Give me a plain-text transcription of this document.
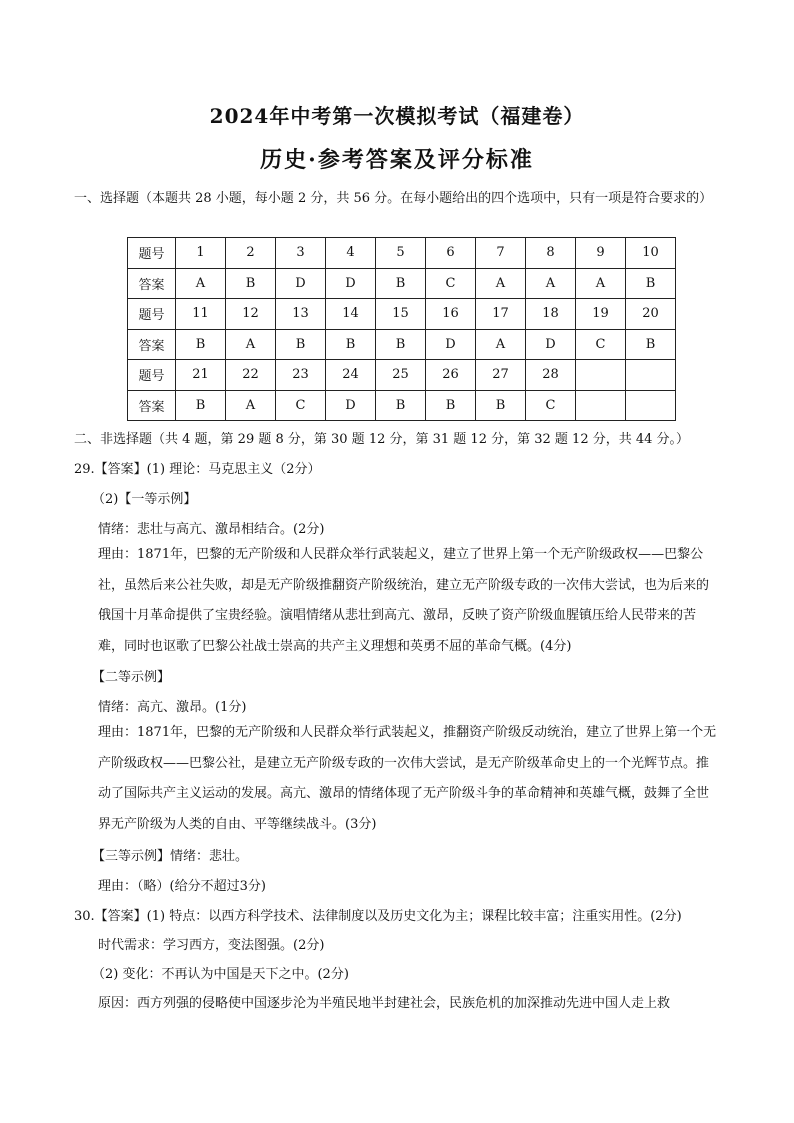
2024年中考第一次模拟考试（福建卷）
历史·参考答案及评分标准
一、选择题（本题共 28 小题，每小题 2 分，共 56 分。在每小题给出的四个选项中，只有一项是符合要求的）
题号	1	2	3	4	5	6	7	8	9	10
答案	A	B	D	D	B	C	A	A	A	B
题号	11	12	13	14	15	16	17	18	19	20
答案	B	A	B	B	B	D	A	D	C	B
题号	21	22	23	24	25	26	27	28		
答案	B	A	C	D	B	B	B	C		
二、非选择题（共 4 题，第 29 题 8 分，第 30 题 12 分，第 31 题 12 分，第 32 题 12 分，共 44 分。）
29.【答案】(1) 理论：马克思主义（2分）
（2)【一等示例】
情绪：悲壮与高亢、激昂相结合。(2分)
理由：1871年，巴黎的无产阶级和人民群众举行武装起义，建立了世界上第一个无产阶级政权——巴黎公社，虽然后来公社失败，却是无产阶级推翻资产阶级统治，建立无产阶级专政的一次伟大尝试，也为后来的俄国十月革命提供了宝贵经验。演唱情绪从悲壮到高亢、激昂，反映了资产阶级血腥镇压给人民带来的苦难，同时也讴歌了巴黎公社战士崇高的共产主义理想和英勇不屈的革命气概。(4分)
【二等示例】
情绪：高亢、激昂。(1分)
理由：1871年，巴黎的无产阶级和人民群众举行武装起义，推翻资产阶级反动统治，建立了世界上第一个无产阶级政权——巴黎公社，是建立无产阶级专政的一次伟大尝试，是无产阶级革命史上的一个光辉节点。推动了国际共产主义运动的发展。高亢、激昂的情绪体现了无产阶级斗争的革命精神和英雄气概，鼓舞了全世界无产阶级为人类的自由、平等继续战斗。(3分)
【三等示例】情绪：悲壮。
理由：（略）(给分不超过3分)
30.【答案】(1) 特点：以西方科学技术、法律制度以及历史文化为主；课程比较丰富；注重实用性。(2分)
时代需求：学习西方，变法图强。(2分)
（2) 变化：不再认为中国是天下之中。(2分)
原因：西方列强的侵略使中国逐步沦为半殖民地半封建社会，民族危机的加深推动先进中国人走上救
